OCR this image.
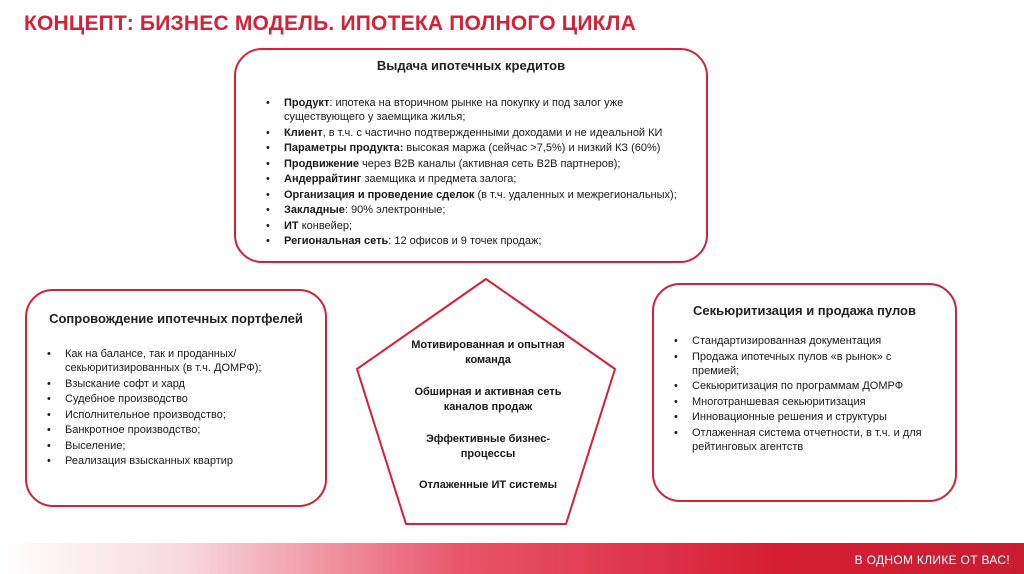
КОНЦЕПТ: БИЗНЕС МОДЕЛЬ. ИПОТЕКА ПОЛНОГО ЦИКЛА
Выдача ипотечных кредитов
• Продукт: ипотека на вторичном рынке на покупку и под залог уже существующего у заемщика жилья;
• Клиент, в т.ч. с частично подтвержденными доходами и не идеальной КИ
• Параметры продукта: высокая маржа (сейчас >7,5%) и низкий КЗ (60%)
• Продвижение через B2B каналы (активная сеть B2B партнеров);
• Андеррайтинг заемщика и предмета залога;
• Организация и проведение сделок (в т.ч. удаленных и межрегиональных);
• Закладные: 90% электронные;
• ИТ конвейер;
• Региональная сеть: 12 офисов и 9 точек продаж;
Сопровождение ипотечных портфелей
• Как на балансе, так и проданных/секьюритизированных (в т.ч. ДОМРФ);
• Взыскание софт и хард
• Судебное производство
• Исполнительное производство;
• Банкротное производство;
• Выселение;
• Реализация взысканных квартир
Секьюритизация и продажа пулов
• Стандартизированная документация
• Продажа ипотечных пулов «в рынок» с премией;
• Секьюритизация по программам ДОМРФ
• Многотраншевая секьюритизация
• Инновационные решения и структуры
• Отлаженная система отчетности, в т.ч. и для рейтинговых агентств
Мотивированная и опытная команда
Обширная и активная сеть каналов продаж
Эффективные бизнес-процессы
Отлаженные ИТ системы
В ОДНОМ КЛИКЕ ОТ ВАС!
